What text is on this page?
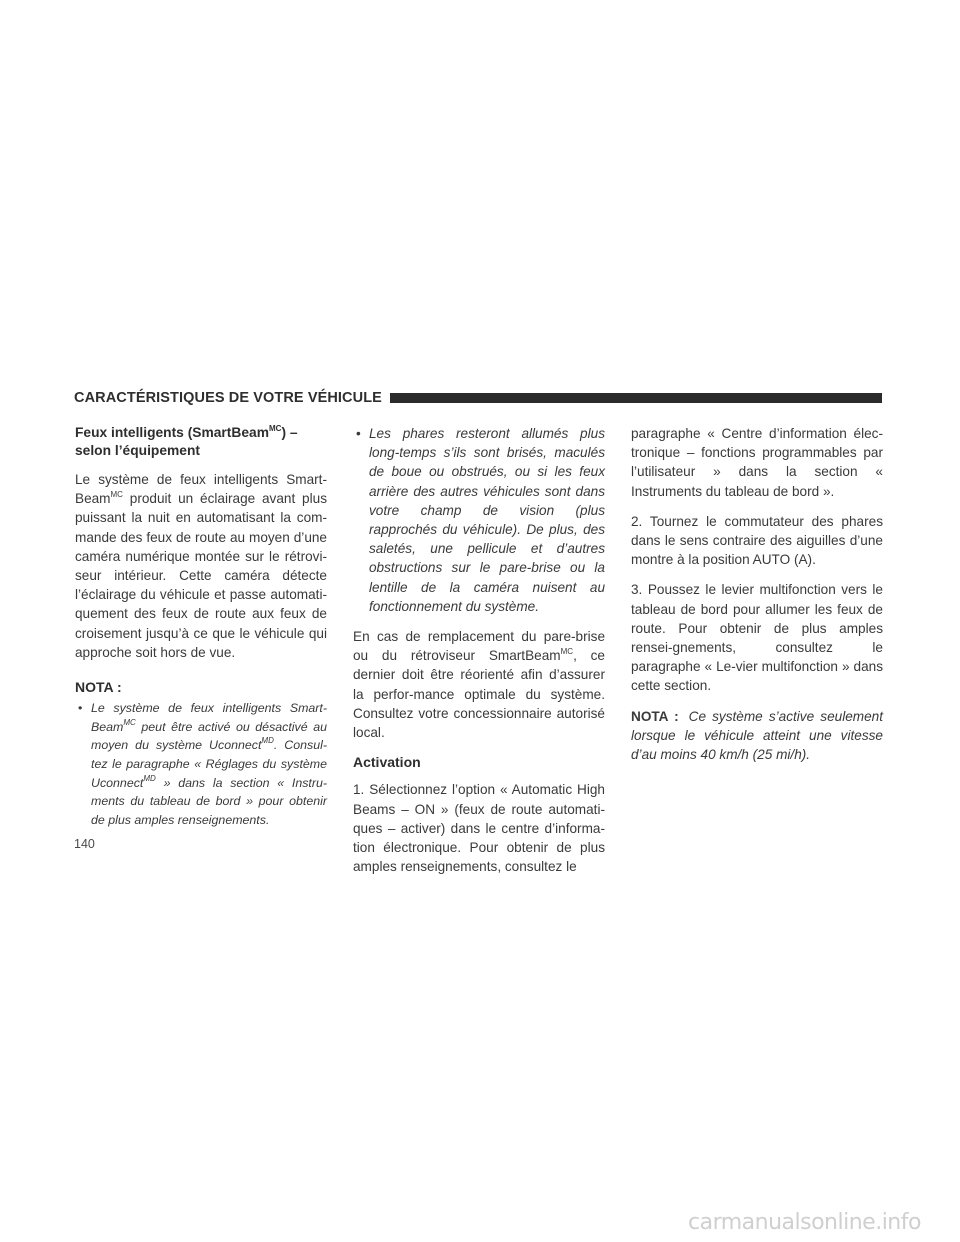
CARACTÉRISTIQUES DE VOTRE VÉHICULE
Feux intelligents (SmartBeam$^{MC}$) –
selon l’équipement

Le système de feux intelligents Smart-Beam$^{MC}$ produit un éclairage avant plus puissant la nuit en automatisant la com-mande des feux de route au moyen d’une caméra numérique montée sur le rétrovi-seur intérieur. Cette caméra détecte l’éclairage du véhicule et passe automati-quement des feux de route aux feux de croisement jusqu’à ce que le véhicule qui approche soit hors de vue.

NOTA :
• Le système de feux intelligents Smart-Beam$^{MC}$ peut être activé ou désactivé au moyen du système Uconnect$^{MD}$. Consul-tez le paragraphe « Réglages du système Uconnect$^{MD}$ » dans la section « Instru-ments du tableau de bord » pour obtenir de plus amples renseignements.
• Les phares resteront allumés plus long-temps s’ils sont brisés, maculés de boue ou obstrués, ou si les feux arrière des autres véhicules sont dans votre champ de vision (plus rapprochés du véhicule). De plus, des saletés, une pellicule et d’autres obstructions sur le pare-brise ou la lentille de la caméra nuisent au fonctionnement du système.

En cas de remplacement du pare-brise ou du rétroviseur SmartBeam$^{MC}$, ce dernier doit être réorienté afin d’assurer la perfor-mance optimale du système. Consultez votre concessionnaire autorisé local.

Activation

1. Sélectionnez l’option « Automatic High Beams – ON » (feux de route automati-ques – activer) dans le centre d’informa-tion électronique. Pour obtenir de plus amples renseignements, consultez le

paragraphe « Centre d’information élec-tronique – fonctions programmables par l’utilisateur » dans la section « Instruments du tableau de bord ».

2. Tournez le commutateur des phares dans le sens contraire des aiguilles d’une montre à la position AUTO (A).

3. Poussez le levier multifonction vers le tableau de bord pour allumer les feux de route. Pour obtenir de plus amples rensei-gnements, consultez le paragraphe « Le-vier multifonction » dans cette section.

NOTA : Ce système s’active seulement lorsque le véhicule atteint une vitesse d’au moins 40 km/h (25 mi/h).

140
carmanualsonline.info
